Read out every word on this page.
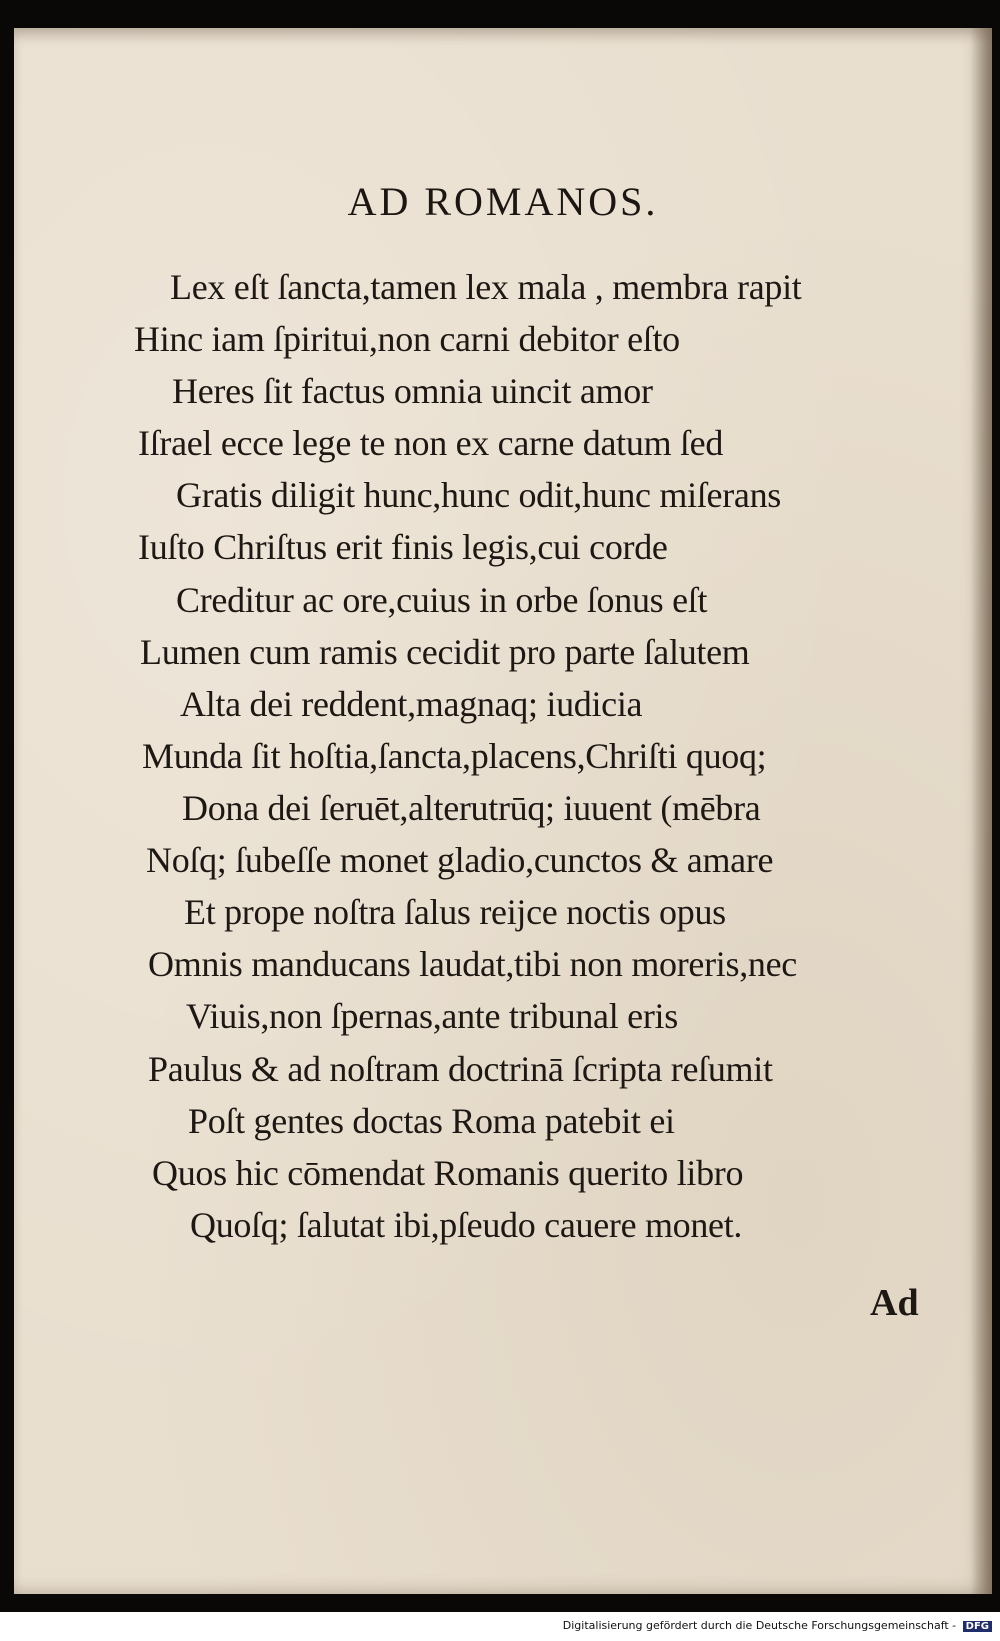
AD ROMANOS.
Lex eſt ſancta,tamen lex mala , membra rapit
Hinc iam ſpiritui,non carni debitor eſto
Heres ſit factus omnia uincit amor
Iſrael ecce lege te non ex carne datum ſed
Gratis diligit hunc,hunc odit,hunc miſerans
Iuſto Chriſtus erit finis legis,cui corde
Creditur ac ore,cuius in orbe ſonus eſt
Lumen cum ramis cecidit pro parte ſalutem
Alta dei reddent,magnaq; iudicia
Munda ſit hoſtia,ſancta,placens,Chriſti quoq;
Dona dei ſeruēt,alterutrūq; iuuent (mēbra
Noſq; ſubeſſe monet gladio,cunctos & amare
Et prope noſtra ſalus reijce noctis opus
Omnis manducans laudat,tibi non moreris,nec
Viuis,non ſpernas,ante tribunal eris
Paulus & ad noſtram doctrinā ſcripta reſumit
Poſt gentes doctas Roma patebit ei
Quos hic cōmendat Romanis querito libro
Quoſq; ſalutat ibi,pſeudo cauere monet.
Ad
Digitalisierung gefördert durch die Deutsche Forschungsgemeinschaft - DFG
